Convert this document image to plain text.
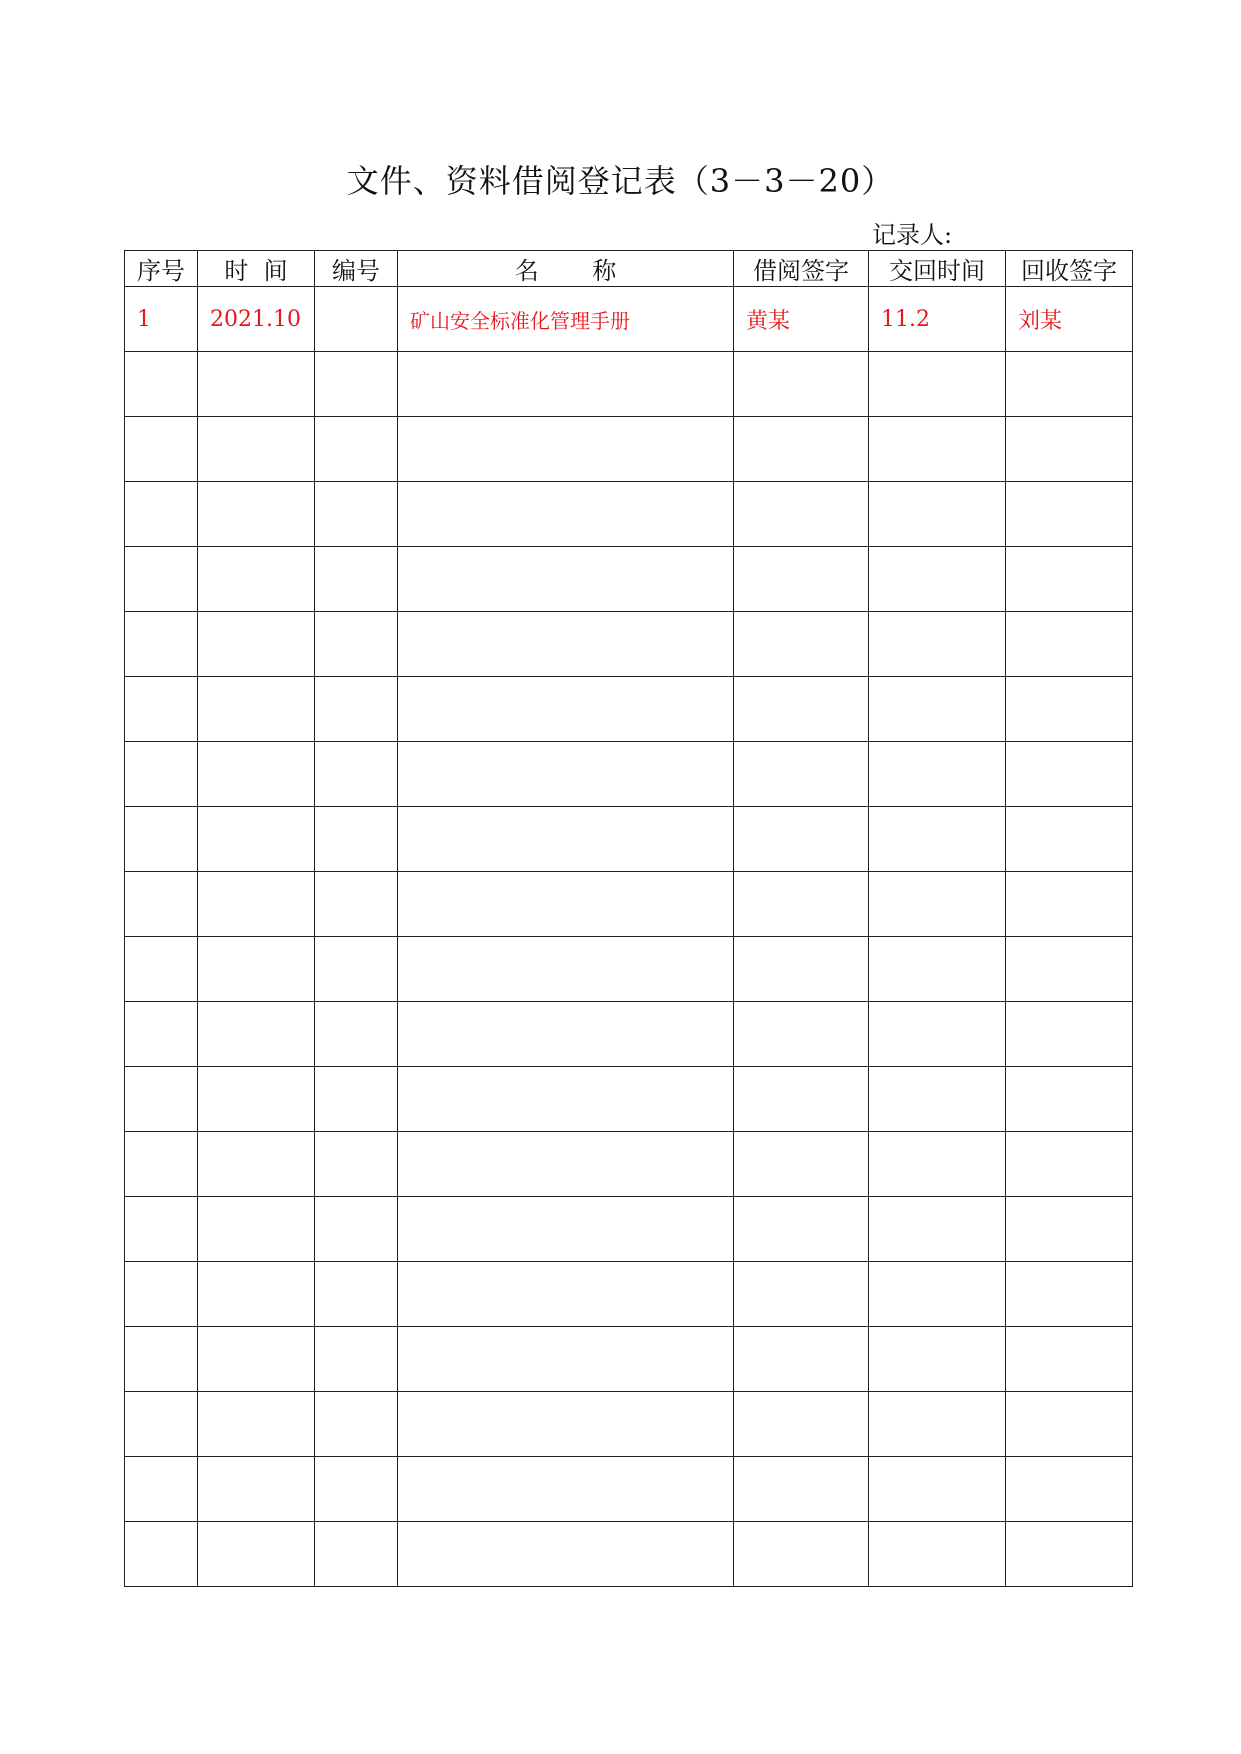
文件、资料借阅登记表（3－3－20）
记录人:
序号	时  间	编号	名       称	借阅签字	交回时间	回收签字
1	2021.10		矿山安全标准化管理手册	黄某	11.2	刘某
